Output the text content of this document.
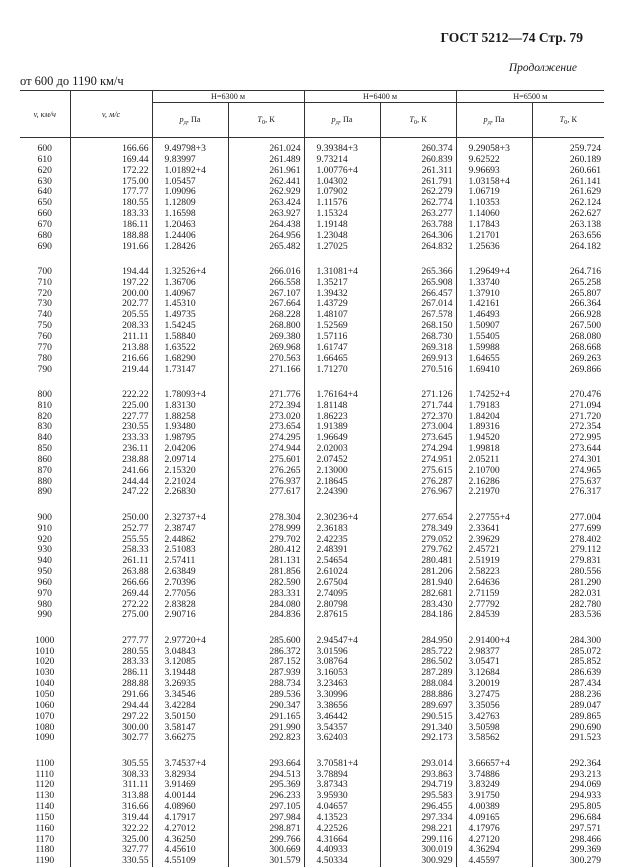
ГОСТ 5212—74 Стр. 79
Продолжение
от 600 до 1190 км/ч
v, км/ч	v, м/с	H=6300 м		H=6400 м		H=6500 м	
		$p_д$, Па	$T_0$, К	$p_д$, Па	$T_0$, К	$p_д$, Па	$T_0$, К

600	166.66	9.49798+3	261.024	9.39384+3	260.374	9.29058+3	259.724
610	169.44	9.83997	261.489	9.73214	260.839	9.62522	260.189
620	172.22	1.01892+4	261.961	1.00776+4	261.311	9.96693	260.661
630	175.00	1.05457	262.441	1.04302	261.791	1.03158+4	261.141
640	177.77	1.09096	262.929	1.07902	262.279	1.06719	261.629
650	180.55	1.12809	263.424	1.11576	262.774	1.10353	262.124
660	183.33	1.16598	263.927	1.15324	263.277	1.14060	262.627
670	186.11	1.20463	264.438	1.19148	263.788	1.17843	263.138
680	188.88	1.24406	264.956	1.23048	264.306	1.21701	263.656
690	191.66	1.28426	265.482	1.27025	264.832	1.25636	264.182

700	194.44	1.32526+4	266.016	1.31081+4	265.366	1.29649+4	264.716
710	197.22	1.36706	266.558	1.35217	265.908	1.33740	265.258
720	200.00	1.40967	267.107	1.39432	266.457	1.37910	265.807
730	202.77	1.45310	267.664	1.43729	267.014	1.42161	266.364
740	205.55	1.49735	268.228	1.48107	267.578	1.46493	266.928
750	208.33	1.54245	268.800	1.52569	268.150	1.50907	267.500
760	211.11	1.58840	269.380	1.57116	268.730	1.55405	268.080
770	213.88	1.63522	269.968	1.61747	269.318	1.59988	268.668
780	216.66	1.68290	270.563	1.66465	269.913	1.64655	269.263
790	219.44	1.73147	271.166	1.71270	270.516	1.69410	269.866

800	222.22	1.78093+4	271.776	1.76164+4	271.126	1.74252+4	270.476
810	225.00	1.83130	272.394	1.81148	271.744	1.79183	271.094
820	227.77	1.88258	273.020	1.86223	272.370	1.84204	271.720
830	230.55	1.93480	273.654	1.91389	273.004	1.89316	272.354
840	233.33	1.98795	274.295	1.96649	273.645	1.94520	272.995
850	236.11	2.04206	274.944	2.02003	274.294	1.99818	273.644
860	238.88	2.09714	275.601	2.07452	274.951	2.05211	274.301
870	241.66	2.15320	276.265	2.13000	275.615	2.10700	274.965
880	244.44	2.21024	276.937	2.18645	276.287	2.16286	275.637
890	247.22	2.26830	277.617	2.24390	276.967	2.21970	276.317

900	250.00	2.32737+4	278.304	2.30236+4	277.654	2.27755+4	277.004
910	252.77	2.38747	278.999	2.36183	278.349	2.33641	277.699
920	255.55	2.44862	279.702	2.42235	279.052	2.39629	278.402
930	258.33	2.51083	280.412	2.48391	279.762	2.45721	279.112
940	261.11	2.57411	281.131	2.54654	280.481	2.51919	279.831
950	263.88	2.63849	281.856	2.61024	281.206	2.58223	280.556
960	266.66	2.70396	282.590	2.67504	281.940	2.64636	281.290
970	269.44	2.77056	283.331	2.74095	282.681	2.71159	282.031
980	272.22	2.83828	284.080	2.80798	283.430	2.77792	282.780
990	275.00	2.90716	284.836	2.87615	284.186	2.84539	283.536

1000	277.77	2.97720+4	285.600	2.94547+4	284.950	2.91400+4	284.300
1010	280.55	3.04843	286.372	3.01596	285.722	2.98377	285.072
1020	283.33	3.12085	287.152	3.08764	286.502	3.05471	285.852
1030	286.11	3.19448	287.939	3.16053	287.289	3.12684	286.639
1040	288.88	3.26935	288.734	3.23463	288.084	3.20019	287.434
1050	291.66	3.34546	289.536	3.30996	288.886	3.27475	288.236
1060	294.44	3.42284	290.347	3.38656	289.697	3.35056	289.047
1070	297.22	3.50150	291.165	3.46442	290.515	3.42763	289.865
1080	300.00	3.58147	291.990	3.54357	291.340	3.50598	290.690
1090	302.77	3.66275	292.823	3.62403	292.173	3.58562	291.523

1100	305.55	3.74537+4	293.664	3.70581+4	293.014	3.66657+4	292.364
1110	308.33	3.82934	294.513	3.78894	293.863	3.74886	293.213
1120	311.11	3.91469	295.369	3.87343	294.719	3.83249	294.069
1130	313.88	4.00144	296.233	3.95930	295.583	3.91750	294.933
1140	316.66	4.08960	297.105	4.04657	296.455	4.00389	295.805
1150	319.44	4.17917	297.984	4.13523	297.334	4.09165	296.684
1160	322.22	4.27012	298.871	4.22526	298.221	4.17976	297.571
1170	325.00	4.36250	299.766	4.31664	299.116	4.27120	298.466
1180	327.77	4.45610	300.669	4.40933	300.019	4.36294	299.369
1190	330.55	4.55109	301.579	4.50334	300.929	4.45597	300.279
